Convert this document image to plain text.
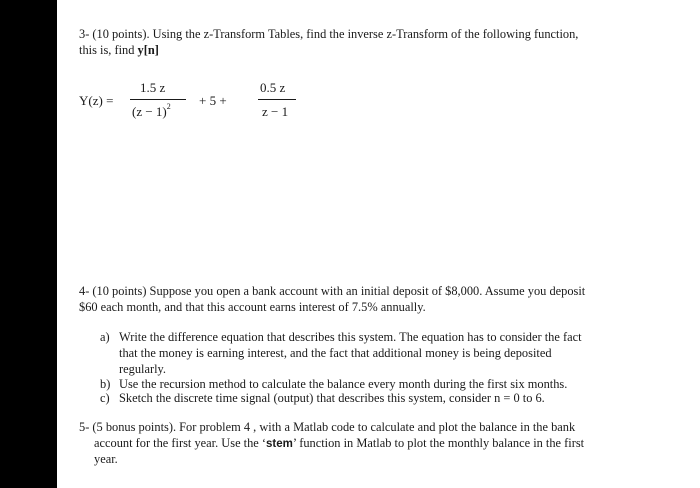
3- (10 points). Using the z-Transform Tables, find the inverse z-Transform of the following function,
this is, find y[n]
Y(z) =
1.5 z
$(z - 1)^2 + 5$ +
0.5 z
z − 1
4- (10 points) Suppose you open a bank account with an initial deposit of $8,000. Assume you deposit
$60 each month, and that this account earns interest of 7.5% annually.
a) Write the difference equation that describes this system. The equation has to consider the fact
that the money is earning interest, and the fact that additional money is being deposited
regularly.
b) Use the recursion method to calculate the balance every month during the first six months.
c) Sketch the discrete time signal (output) that describes this system, consider n = 0 to 6.
5- (5 bonus points). For problem 4 , with a Matlab code to calculate and plot the balance in the bank
account for the first year. Use the ‘stem’ function in Matlab to plot the monthly balance in the first
year.
